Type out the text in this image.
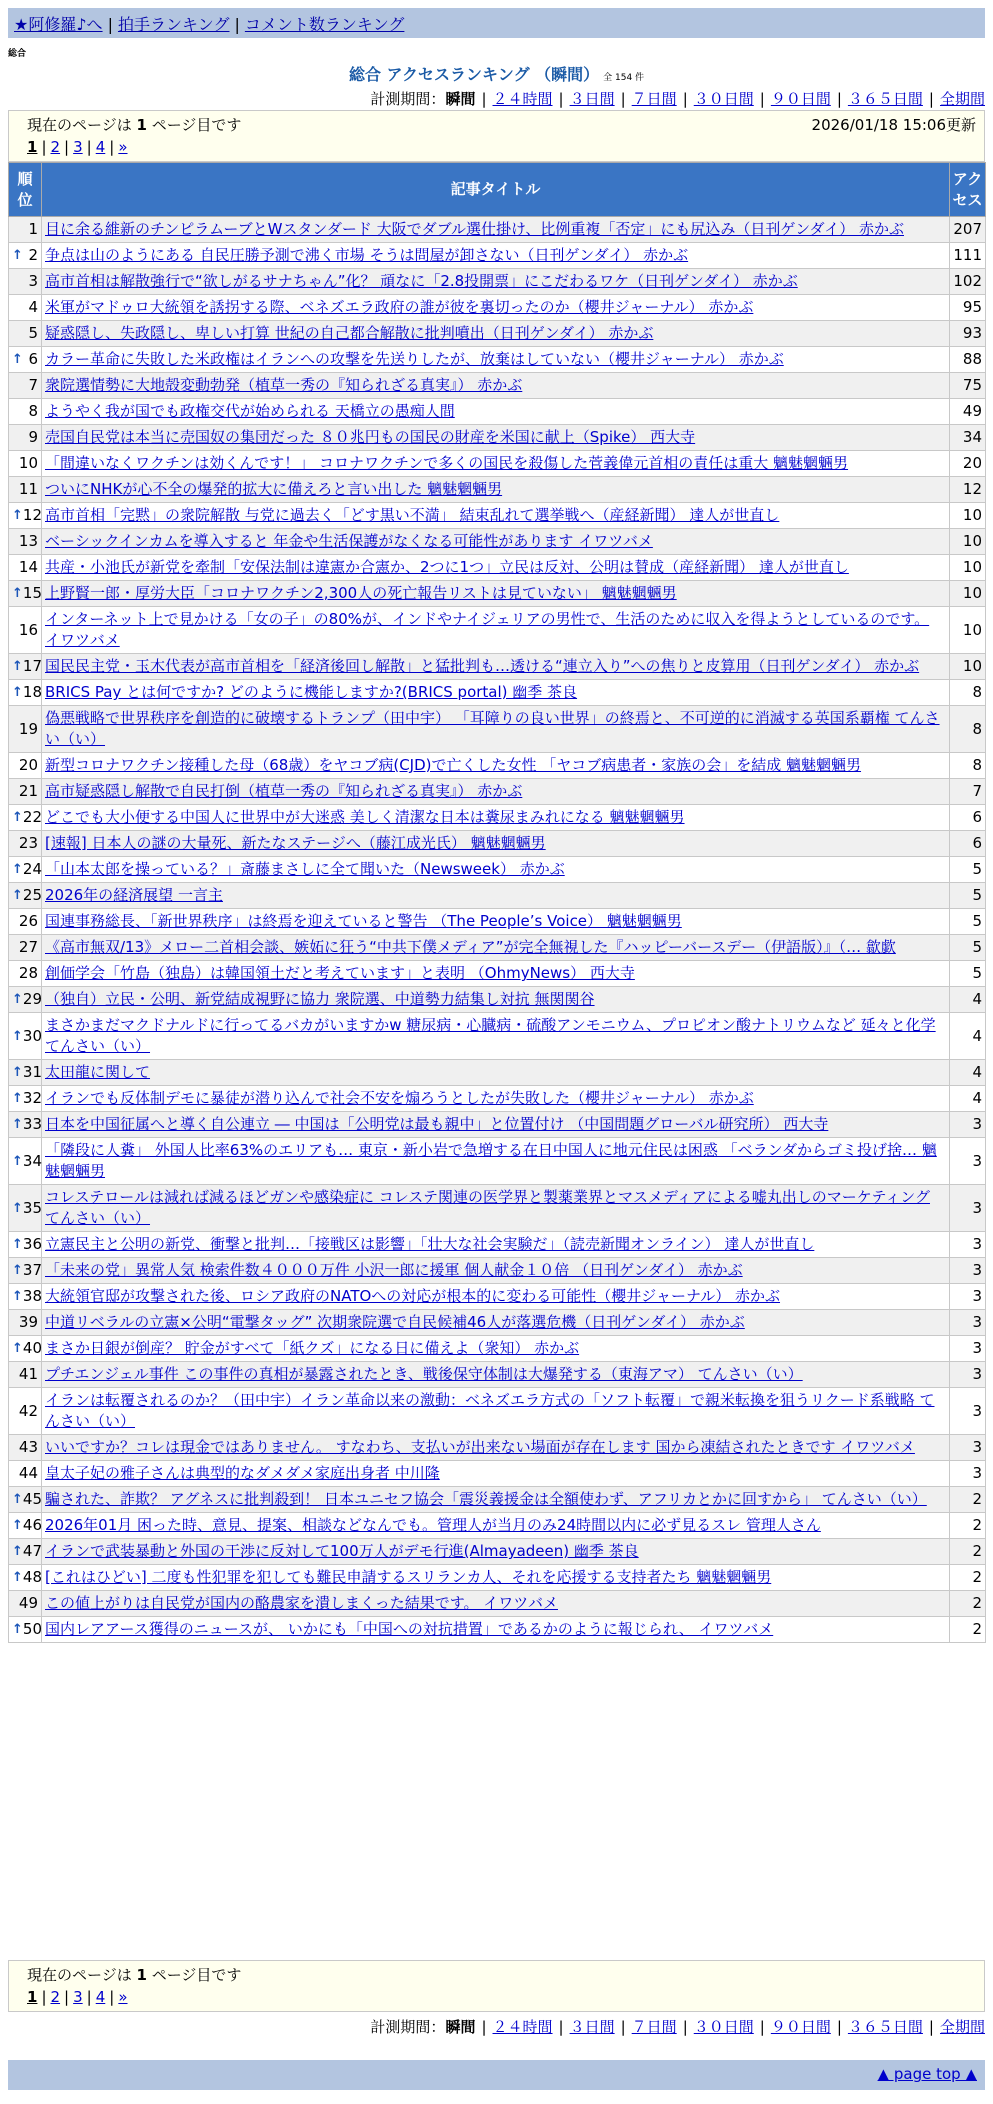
★阿修羅♪へ | 拍手ランキング | コメント数ランキング
総合
総合 アクセスランキング （瞬間） 全 154 件
計測期間：瞬間 | ２４時間 | ３日間 | ７日間 | ３０日間 | ９０日間 | ３６５日間 | 全期間
現在のページは 1 ページ目です	2026/01/18 15:06更新
1 | 2 | 3 | 4 | »
順位	記事タイトル	アクセス
1	目に余る維新のチンピラムーブとWスタンダード 大阪でダブル選仕掛け、比例重複「否定」にも尻込み（日刊ゲンダイ） 赤かぶ	207

↑ 2	争点は山のようにある 自民圧勝予測で沸く市場 そうは問屋が卸さない（日刊ゲンダイ） 赤かぶ	111
3	高市首相は解散強行で“欲しがるサナちゃん”化？ 頑なに「2.8投開票」にこだわるワケ（日刊ゲンダイ） 赤かぶ	102
4	米軍がマドゥロ大統領を誘拐する際、ベネズエラ政府の誰が彼を裏切ったのか（櫻井ジャーナル） 赤かぶ	95
5	疑惑隠し、失政隠し、卑しい打算 世紀の自己都合解散に批判噴出（日刊ゲンダイ） 赤かぶ	93

↑ 6	カラー革命に失敗した米政権はイランへの攻撃を先送りしたが、放棄はしていない（櫻井ジャーナル） 赤かぶ	88
7	衆院選情勢に大地殻変動勃発（植草一秀の『知られざる真実』） 赤かぶ	75
8	ようやく我が国でも政権交代が始められる 天橋立の愚痴人間	49
9	売国自民党は本当に売国奴の集団だった ８０兆円もの国民の財産を米国に献上（Spike） 西大寺	34
10	「間違いなくワクチンは効くんです！」 コロナワクチンで多くの国民を殺傷した菅義偉元首相の責任は重大 魑魅魍魎男	20
11	ついにNHKが心不全の爆発的拡大に備えろと言い出した 魑魅魍魎男	12

↑ 12	高市首相「完黙」の衆院解散 与党に過去く「どす黒い不満」 結束乱れて選挙戦へ（産経新聞） 達人が世直し	10
13	ベーシックインカムを導入すると 年金や生活保護がなくなる可能性があります イワツバメ	10
14	共産・小池氏が新党を牽制「安保法制は違憲か合憲か、2つに1つ」立民は反対、公明は賛成（産経新聞） 達人が世直し	10

↑ 15	上野賢一郎・厚労大臣「コロナワクチン2,300人の死亡報告リストは見ていない」 魑魅魍魎男	10
16	インターネット上で見かける「女の子」の80%が、インドやナイジェリアの男性で、生活のために収入を得ようとしているのです。 イワツバメ	10

↑ 17	国民民主党・玉木代表が高市首相を「経済後回し解散」と猛批判も…透ける“連立入り”への焦りと皮算用（日刊ゲンダイ） 赤かぶ	10

↑ 18	BRICS Pay とは何ですか? どのように機能しますか?(BRICS portal) 幽季 茶良	8
19	偽悪戦略で世界秩序を創造的に破壊するトランプ（田中宇） 「耳障りの良い世界」の終焉と、不可逆的に消滅する英国系覇権 てんさい（い）	8
20	新型コロナワクチン接種した母（68歳）をヤコブ病(CJD)で亡くした女性 「ヤコブ病患者・家族の会」を結成 魑魅魍魎男	8
21	高市疑惑隠し解散で自民打倒（植草一秀の『知られざる真実』） 赤かぶ	7

↑ 22	どこでも大小便する中国人に世界中が大迷惑 美しく清潔な日本は糞尿まみれになる 魑魅魍魎男	6
23	[速報] 日本人の謎の大量死、新たなステージへ（藤江成光氏） 魑魅魍魎男	6

↑ 24	「山本太郎を操っている？」斎藤まさしに全て聞いた（Newsweek） 赤かぶ	5

↑ 25	2026年の経済展望 一言主	5
26	国連事務総長、「新世界秩序」は終焉を迎えていると警告 （The People’s Voice） 魑魅魍魎男	5
27	《高市無双/13》メロー二首相会談、嫉妬に狂う“中共下僕メディア”が完全無視した『ハッピーバースデー（伊語版）』（… 歙歔	5
28	創価学会「竹島（独島）は韓国領土だと考えています」と表明 （OhmyNews） 西大寺	5

↑ 29	（独自）立民・公明、新党結成視野に協力 衆院選、中道勢力結集し対抗 無関関谷	4

↑ 30	まさかまだマクドナルドに行ってるバカがいますかw 糖尿病・心臓病・硫酸アンモニウム、プロピオン酸ナトリウムなど 延々と化学 てんさい（い）	4

↑ 31	太田龍に関して	4

↑ 32	イランでも反体制デモに暴徒が潜り込んで社会不安を煽ろうとしたが失敗した（櫻井ジャーナル） 赤かぶ	4

↑ 33	日本を中国征属へと導く自公連立 ― 中国は「公明党は最も親中」と位置付け （中国問題グローバル研究所） 西大寺	3

↑ 34	「隣段に人糞」 外国人比率63%のエリアも… 東京・新小岩で急増する在日中国人に地元住民は困惑 「ベランダからゴミ投げ捨… 魑魅魍魎男	3

↑ 35	コレステロールは減れば減るほどガンや感染症に コレステ関連の医学界と製薬業界とマスメディアによる嘘丸出しのマーケティング てんさい（い）	3

↑ 36	立憲民主と公明の新党、衝撃と批判…「接戦区は影響」「壮大な社会実験だ」（読売新聞オンライン） 達人が世直し	3

↑ 37	「未来の党」異常人気 検索件数４０００万件 小沢一郎に援軍 個人献金１０倍 （日刊ゲンダイ） 赤かぶ	3

↑ 38	大統領官邸が攻撃された後、ロシア政府のNATOへの対応が根本的に変わる可能性（櫻井ジャーナル） 赤かぶ	3
39	中道リベラルの立憲×公明“電撃タッグ” 次期衆院選で自民候補46人が落選危機（日刊ゲンダイ） 赤かぶ	3

↑ 40	まさか日銀が倒産？ 貯金がすべて「紙クズ」になる日に備えよ（衆知） 赤かぶ	3
41	プチエンジェル事件 この事件の真相が暴露されたとき、戦後保守体制は大爆発する（東海アマ） てんさい（い）	3
42	イランは転覆されるのか？（田中宇）イラン革命以来の激動：ベネズエラ方式の「ソフト転覆」で親米転換を狙うリクード系戦略 てんさい（い）	3
43	いいですか？コレは現金ではありません。 すなわち、支払いが出来ない場面が存在します 国から凍結されたときです イワツバメ	3
44	皇太子妃の雅子さんは典型的なダメダメ家庭出身者 中川隆	3

↑ 45	騙された、詐欺？ アグネスに批判殺到！ 日本ユニセフ協会「震災義援金は全額使わず、アフリカとかに回すから」 てんさい（い）	2

↑ 46	2026年01月 困った時、意見、提案、相談などなんでも。管理人が当月のみ24時間以内に必ず見るスレ 管理人さん	2

↑ 47	イランで武装暴動と外国の干渉に反対して100万人がデモ行進(Almayadeen) 幽季 茶良	2

↑ 48	[これはひどい] 二度も性犯罪を犯しても難民申請するスリランカ人、それを応援する支持者たち 魑魅魍魎男	2
49	この値上がりは自民党が国内の酪農家を潰しまくった結果です。 イワツバメ	2

↑ 50	国内レアアース獲得のニュースが、 いかにも「中国への対抗措置」であるかのように報じられ、 イワツバメ	2
現在のページは 1 ページ目です
1 | 2 | 3 | 4 | »
計測期間：瞬間 | ２４時間 | ３日間 | ７日間 | ３０日間 | ９０日間 | ３６５日間 | 全期間
▲ page top ▲
